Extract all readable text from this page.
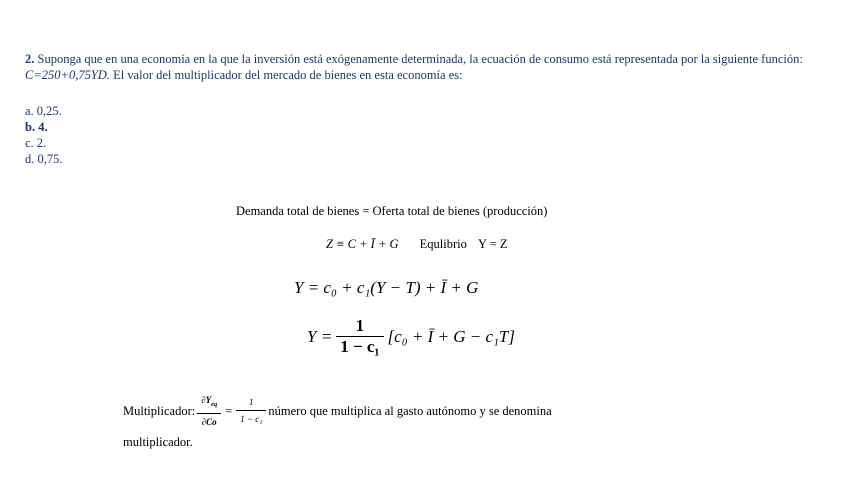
2. Suponga que en una economía en la que la inversión está exógenamente determinada, la ecuación de consumo está representada por la siguiente función: C=250+0,75YD. El valor del multiplicador del mercado de bienes en esta economía es:
a. 0,25.
b. 4.
c. 2.
d. 0,75.
Demanda total de bienes = Oferta total de bienes (producción)
Z ≡ C + Ī + G Equlibrio Y = Z
Y = c₀ + c₁(Y − T) + Ī + G
$Y = \frac{1}{\text{1 − c₁}} [c_0$ + Ī + G − c₁T]
Multiplicador: $\frac{\partial Y_{eq}}{\partial Co} = \frac{1}{\text{1 − c₁}}$ número que multiplica al gasto autónomo y se denomina
multiplicador.
